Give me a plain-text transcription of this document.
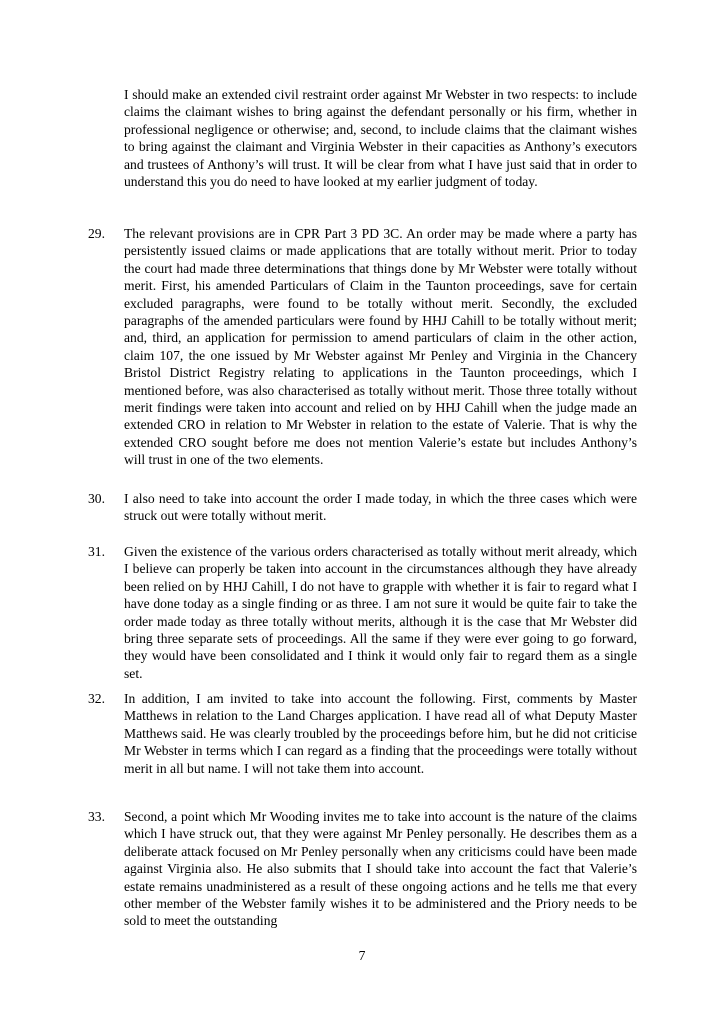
I should make an extended civil restraint order against Mr Webster in two respects: to include claims the claimant wishes to bring against the defendant personally or his firm, whether in professional negligence or otherwise; and, second, to include claims that the claimant wishes to bring against the claimant and Virginia Webster in their capacities as Anthony’s executors and trustees of Anthony’s will trust. It will be clear from what I have just said that in order to understand this you do need to have looked at my earlier judgment of today.

29.	The relevant provisions are in CPR Part 3 PD 3C. An order may be made where a party has persistently issued claims or made applications that are totally without merit. Prior to today the court had made three determinations that things done by Mr Webster were totally without merit. First, his amended Particulars of Claim in the Taunton proceedings, save for certain excluded paragraphs, were found to be totally without merit. Secondly, the excluded paragraphs of the amended particulars were found by HHJ Cahill to be totally without merit; and, third, an application for permission to amend particulars of claim in the other action, claim 107, the one issued by Mr Webster against Mr Penley and Virginia in the Chancery Bristol District Registry relating to applications in the Taunton proceedings, which I mentioned before, was also characterised as totally without merit. Those three totally without merit findings were taken into account and relied on by HHJ Cahill when the judge made an extended CRO in relation to Mr Webster in relation to the estate of Valerie. That is why the extended CRO sought before me does not mention Valerie’s estate but includes Anthony’s will trust in one of the two elements.
30.	I also need to take into account the order I made today, in which the three cases which were struck out were totally without merit.
31.	Given the existence of the various orders characterised as totally without merit already, which I believe can properly be taken into account in the circumstances although they have already been relied on by HHJ Cahill, I do not have to grapple with whether it is fair to regard what I have done today as a single finding or as three. I am not sure it would be quite fair to take the order made today as three totally without merits, although it is the case that Mr Webster did bring three separate sets of proceedings. All the same if they were ever going to go forward, they would have been consolidated and I think it would only fair to regard them as a single set.
32.	In addition, I am invited to take into account the following. First, comments by Master Matthews in relation to the Land Charges application. I have read all of what Deputy Master Matthews said. He was clearly troubled by the proceedings before him, but he did not criticise Mr Webster in terms which I can regard as a finding that the proceedings were totally without merit in all but name. I will not take them into account.
33.	Second, a point which Mr Wooding invites me to take into account is the nature of the claims which I have struck out, that they were against Mr Penley personally. He describes them as a deliberate attack focused on Mr Penley personally when any criticisms could have been made against Virginia also. He also submits that I should take into account the fact that Valerie’s estate remains unadministered as a result of these ongoing actions and he tells me that every other member of the Webster family wishes it to be administered and the Priory needs to be sold to meet the outstanding
7
